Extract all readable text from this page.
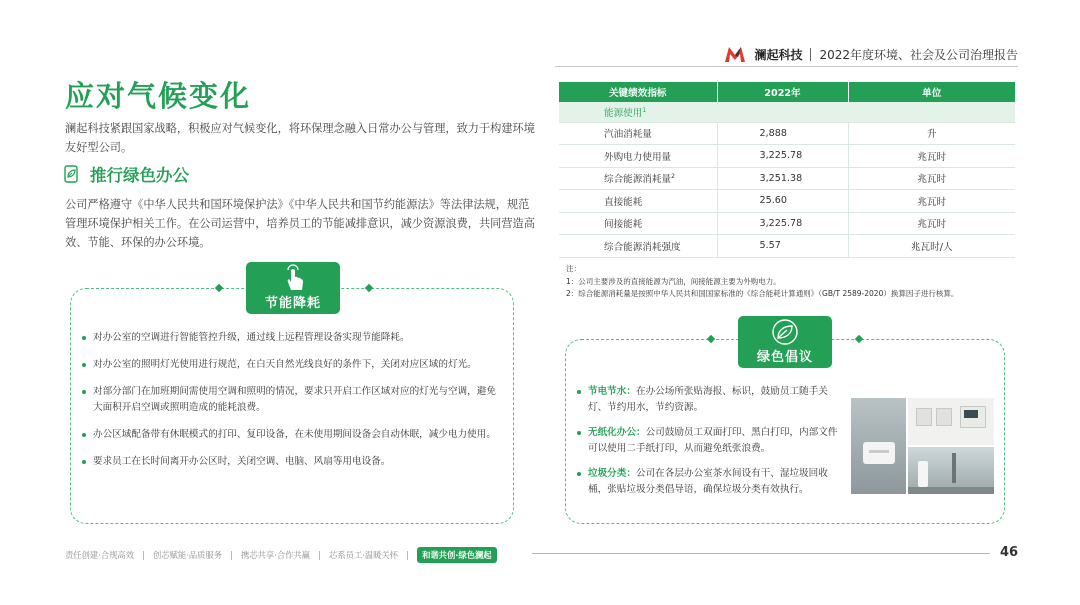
澜起科技 2022年度环境、社会及公司治理报告
应对气候变化

澜起科技紧跟国家战略，积极应对气候变化，将环保理念融入日常办公与管理，致力于构建环境友好型公司。

推行绿色办公

公司严格遵守《中华人民共和国环境保护法》《中华人民共和国节约能源法》等法律法规，规范管理环境保护相关工作。在公司运营中，培养员工的节能减排意识，减少资源浪费，共同营造高效、节能、环保的办公环境。

节能降耗
对办公室的空调进行智能管控升级，通过线上远程管理设备实现节能降耗。
对办公室的照明灯光使用进行规范，在白天自然光线良好的条件下，关闭对应区域的灯光。
对部分部门在加班期间需使用空调和照明的情况，要求只开启工作区域对应的灯光与空调，避免大面积开启空调或照明造成的能耗浪费。
办公区域配备带有休眠模式的打印、复印设备，在未使用期间设备会自动休眠，减少电力使用。
要求员工在长时间离开办公区时，关闭空调、电脑、风扇等用电设备。
关键绩效指标	2022年	单位
能源使用$^1$
汽油消耗量	2,888	升
外购电力使用量	3,225.78	兆瓦时
综合能源消耗量$^2$	3,251.38	兆瓦时
直接能耗	25.60	兆瓦时
间接能耗	3,225.78	兆瓦时
综合能源消耗强度	5.57	兆瓦时/人
注：
1：公司主要涉及的直接能源为汽油，间接能源主要为外购电力。
2：综合能源消耗量是按照中华人民共和国国家标准的《综合能耗计算通则》（GB/T 2589-2020）换算因子进行核算。
绿色倡议
节电节水：在办公场所张贴海报、标识，鼓励员工随手关灯、节约用水，节约资源。
无纸化办公：公司鼓励员工双面打印、黑白打印，内部文件可以使用二手纸打印，从而避免纸张浪费。
垃圾分类：公司在各层办公室茶水间设有干、湿垃圾回收桶，张贴垃圾分类倡导语，确保垃圾分类有效执行。
责任创建·合规高效 创芯赋能·品质服务 携芯共享·合作共赢 芯系员工·温暖关怀	和谐共创·绿色澜起	46
